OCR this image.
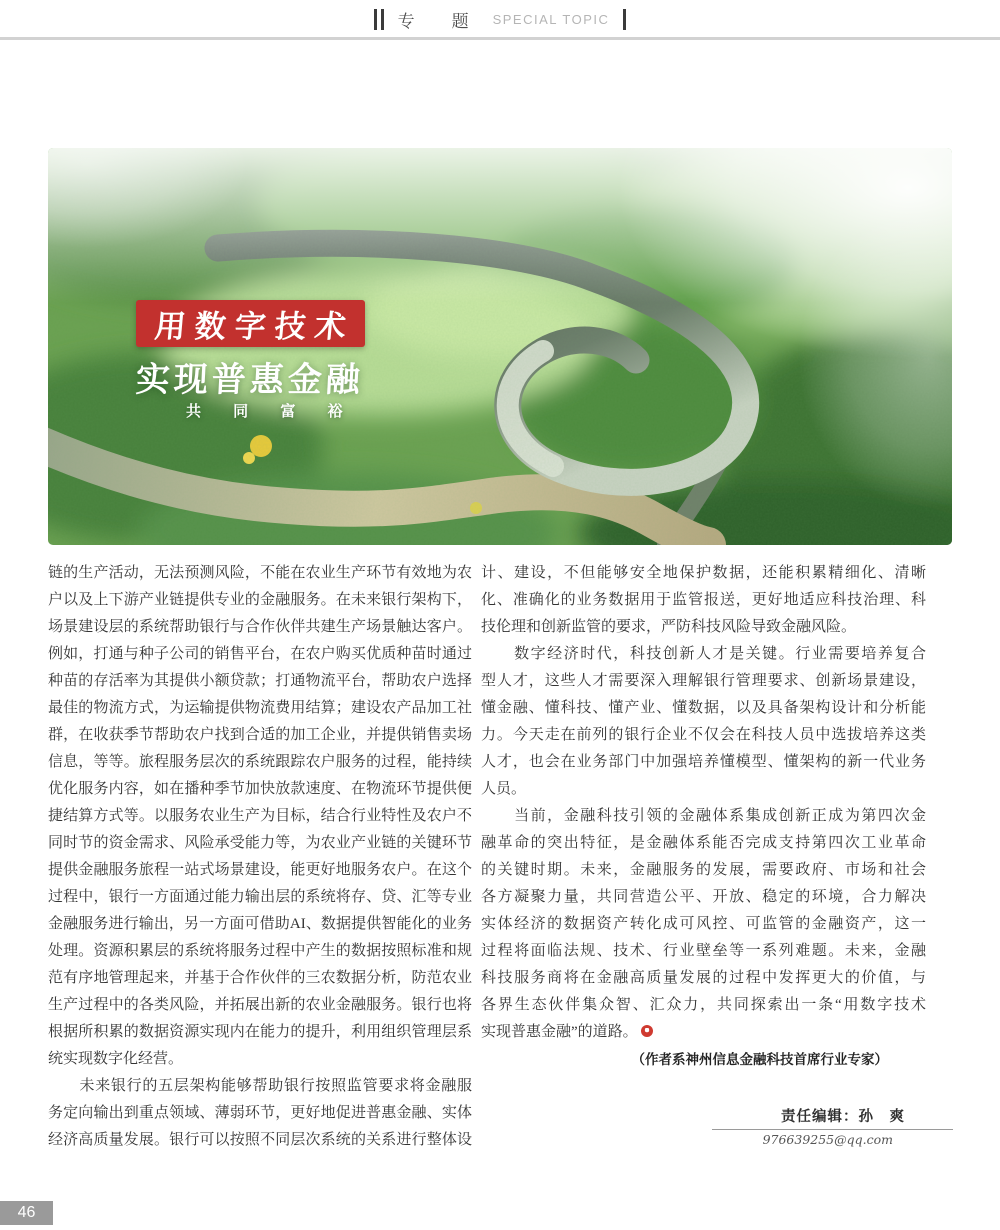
专　题 SPECIAL TOPIC
用数字技术
实现普惠金融
共 同 富 裕
链的生产活动，无法预测风险，不能在农业生产环节有效地为农
户以及上下游产业链提供专业的金融服务。在未来银行架构下，
场景建设层的系统帮助银行与合作伙伴共建生产场景触达客户。
例如，打通与种子公司的销售平台，在农户购买优质种苗时通过
种苗的存活率为其提供小额贷款；打通物流平台，帮助农户选择
最佳的物流方式，为运输提供物流费用结算；建设农产品加工社
群，在收获季节帮助农户找到合适的加工企业，并提供销售卖场
信息，等等。旅程服务层次的系统跟踪农户服务的过程，能持续
优化服务内容，如在播种季节加快放款速度、在物流环节提供便
捷结算方式等。以服务农业生产为目标，结合行业特性及农户不
同时节的资金需求、风险承受能力等，为农业产业链的关键环节
提供金融服务旅程一站式场景建设，能更好地服务农户。在这个
过程中，银行一方面通过能力输出层的系统将存、贷、汇等专业
金融服务进行输出，另一方面可借助AI、数据提供智能化的业务
处理。资源积累层的系统将服务过程中产生的数据按照标准和规
范有序地管理起来，并基于合作伙伴的三农数据分析，防范农业
生产过程中的各类风险，并拓展出新的农业金融服务。银行也将
根据所积累的数据资源实现内在能力的提升，利用组织管理层系
统实现数字化经营。
　　未来银行的五层架构能够帮助银行按照监管要求将金融服
务定向输出到重点领域、薄弱环节，更好地促进普惠金融、实体
经济高质量发展。银行可以按照不同层次系统的关系进行整体设
计、建设，不但能够安全地保护数据，还能积累精细化、清晰
化、准确化的业务数据用于监管报送，更好地适应科技治理、科
技伦理和创新监管的要求，严防科技风险导致金融风险。
　　数字经济时代，科技创新人才是关键。行业需要培养复合
型人才，这些人才需要深入理解银行管理要求、创新场景建设，
懂金融、懂科技、懂产业、懂数据，以及具备架构设计和分析能
力。今天走在前列的银行企业不仅会在科技人员中选拔培养这类
人才，也会在业务部门中加强培养懂模型、懂架构的新一代业务
人员。
　　当前，金融科技引领的金融体系集成创新正成为第四次金
融革命的突出特征，是金融体系能否完成支持第四次工业革命
的关键时期。未来，金融服务的发展，需要政府、市场和社会
各方凝聚力量，共同营造公平、开放、稳定的环境，合力解决
实体经济的数据资产转化成可风控、可监管的金融资产，这一
过程将面临法规、技术、行业壁垒等一系列难题。未来，金融
科技服务商将在金融高质量发展的过程中发挥更大的价值，与
各界生态伙伴集众智、汇众力，共同探索出一条“用数字技术
实现普惠金融”的道路。
（作者系神州信息金融科技首席行业专家）
责任编辑：孙　爽
976639255@qq.com
46
